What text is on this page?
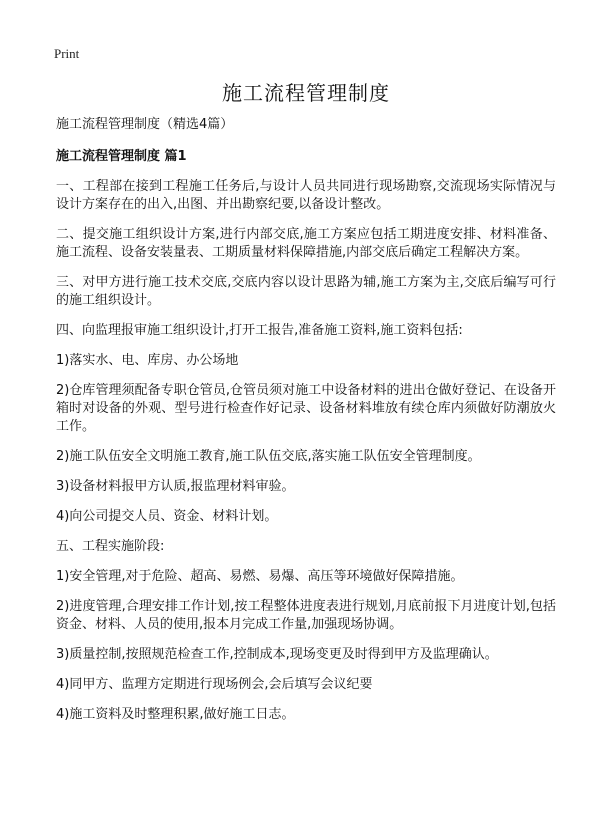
Print
施工流程管理制度
施工流程管理制度（精选4篇）
施工流程管理制度 篇1

一、工程部在接到工程施工任务后,与设计人员共同进行现场勘察,交流现场实际情况与设计方案存在的出入,出图、并出勘察纪要,以备设计整改。

二、提交施工组织设计方案,进行内部交底,施工方案应包括工期进度安排、材料准备、施工流程、设备安装量表、工期质量材料保障措施,内部交底后确定工程解决方案。

三、对甲方进行施工技术交底,交底内容以设计思路为辅,施工方案为主,交底后编写可行的施工组织设计。

四、向监理报审施工组织设计,打开工报告,准备施工资料,施工资料包括:

1)落实水、电、库房、办公场地

2)仓库管理须配备专职仓管员,仓管员须对施工中设备材料的进出仓做好登记、在设备开箱时对设备的外观、型号进行检查作好记录、设备材料堆放有续仓库内须做好防潮放火工作。

2)施工队伍安全文明施工教育,施工队伍交底,落实施工队伍安全管理制度。

3)设备材料报甲方认质,报监理材料审验。

4)向公司提交人员、资金、材料计划。

五、工程实施阶段:

1)安全管理,对于危险、超高、易燃、易爆、高压等环境做好保障措施。

2)进度管理,合理安排工作计划,按工程整体进度表进行规划,月底前报下月进度计划,包括资金、材料、人员的使用,报本月完成工作量,加强现场协调。

3)质量控制,按照规范检查工作,控制成本,现场变更及时得到甲方及监理确认。

4)同甲方、监理方定期进行现场例会,会后填写会议纪要

4)施工资料及时整理积累,做好施工日志。
